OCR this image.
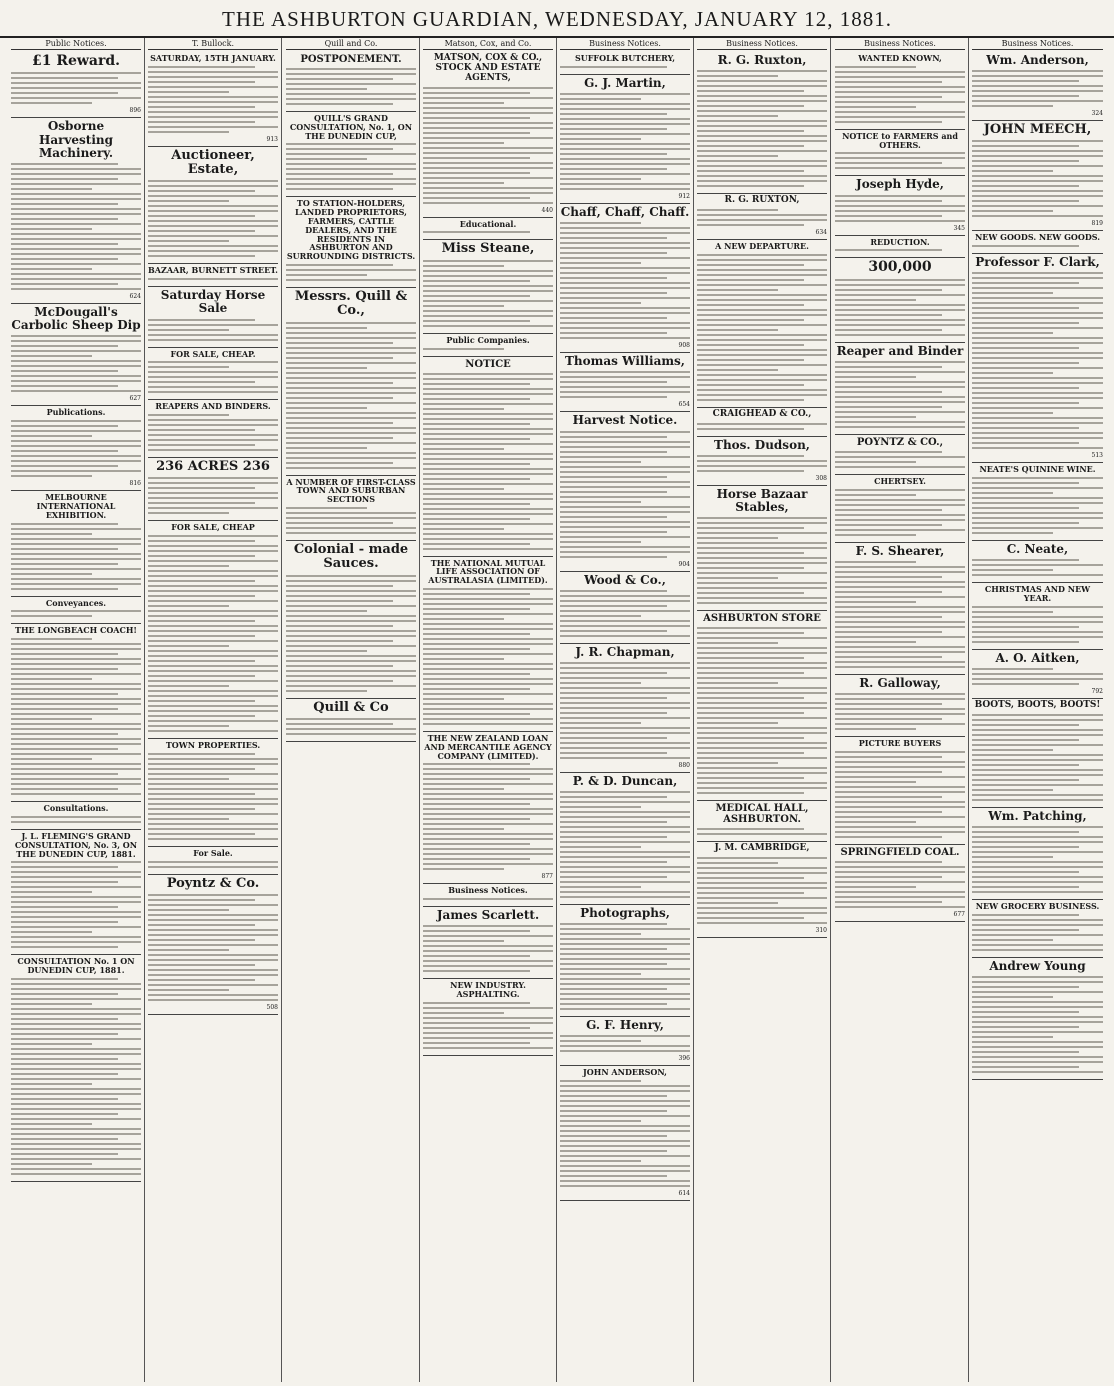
THE ASHBURTON GUARDIAN, WEDNESDAY, JANUARY 12, 1881.
Public Notices.
£1 Reward.
896
Osborne Harvesting Machinery.
624
McDougall's Carbolic Sheep Dip
627
Publications.
816
MELBOURNE INTERNATIONAL EXHIBITION.
Conveyances.
THE LONGBEACH COACH!
Consultations.
J. L. FLEMING'S GRAND CONSULTATION, No. 3, ON THE DUNEDIN CUP, 1881.
CONSULTATION No. 1 ON DUNEDIN CUP, 1881.
T. Bullock.
SATURDAY, 15TH JANUARY.
913
Auctioneer, Estate,
BAZAAR, BURNETT STREET.
Saturday Horse Sale
FOR SALE, CHEAP.
REAPERS AND BINDERS.
236 ACRES 236
FOR SALE, CHEAP
TOWN PROPERTIES.
For Sale.
Poyntz & Co.
508
Quill and Co.
POSTPONEMENT.
QUILL'S GRAND CONSULTATION, No. 1, ON THE DUNEDIN CUP,
TO STATION-HOLDERS, LANDED PROPRIETORS, FARMERS, CATTLE DEALERS, AND THE RESIDENTS IN ASHBURTON AND SURROUNDING DISTRICTS.
Messrs. Quill & Co.,
A NUMBER OF FIRST-CLASS TOWN AND SUBURBAN SECTIONS
Colonial - made Sauces.
Quill & Co
Matson, Cox, and Co.
MATSON, COX & CO., STOCK AND ESTATE AGENTS,
440
Educational.
Miss Steane,
Public Companies.
NOTICE
THE NATIONAL MUTUAL LIFE ASSOCIATION OF AUSTRALASIA (LIMITED).
THE NEW ZEALAND LOAN AND MERCANTILE AGENCY COMPANY (LIMITED).
877
Business Notices.
James Scarlett.
NEW INDUSTRY. ASPHALTING.
Business Notices.
SUFFOLK BUTCHERY,
G. J. Martin,
912
Chaff, Chaff, Chaff.
908
Thomas Williams,
654
Harvest Notice.
904
Wood & Co.,
J. R. Chapman,
880
P. & D. Duncan,
Photographs,
G. F. Henry,
396
JOHN ANDERSON,
614
Business Notices.
R. G. Ruxton,
R. G. RUXTON,
634
A NEW DEPARTURE.
CRAIGHEAD & CO.,
Thos. Dudson,
308
Horse Bazaar Stables,
ASHBURTON STORE
MEDICAL HALL, ASHBURTON.
J. M. CAMBRIDGE,
310
Business Notices.
WANTED KNOWN,
NOTICE to FARMERS and OTHERS.
Joseph Hyde,
345
REDUCTION.
300,000
Reaper and Binder
POYNTZ & CO.,
CHERTSEY.
F. S. Shearer,
R. Galloway,
PICTURE BUYERS
SPRINGFIELD COAL.
677
Business Notices.
Wm. Anderson,
324
JOHN MEECH,
819
NEW GOODS. NEW GOODS.
Professor F. Clark,
513
NEATE'S QUININE WINE.
C. Neate,
CHRISTMAS AND NEW YEAR.
A. O. Aitken,
792
BOOTS, BOOTS, BOOTS!
Wm. Patching,
NEW GROCERY BUSINESS.
Andrew Young
